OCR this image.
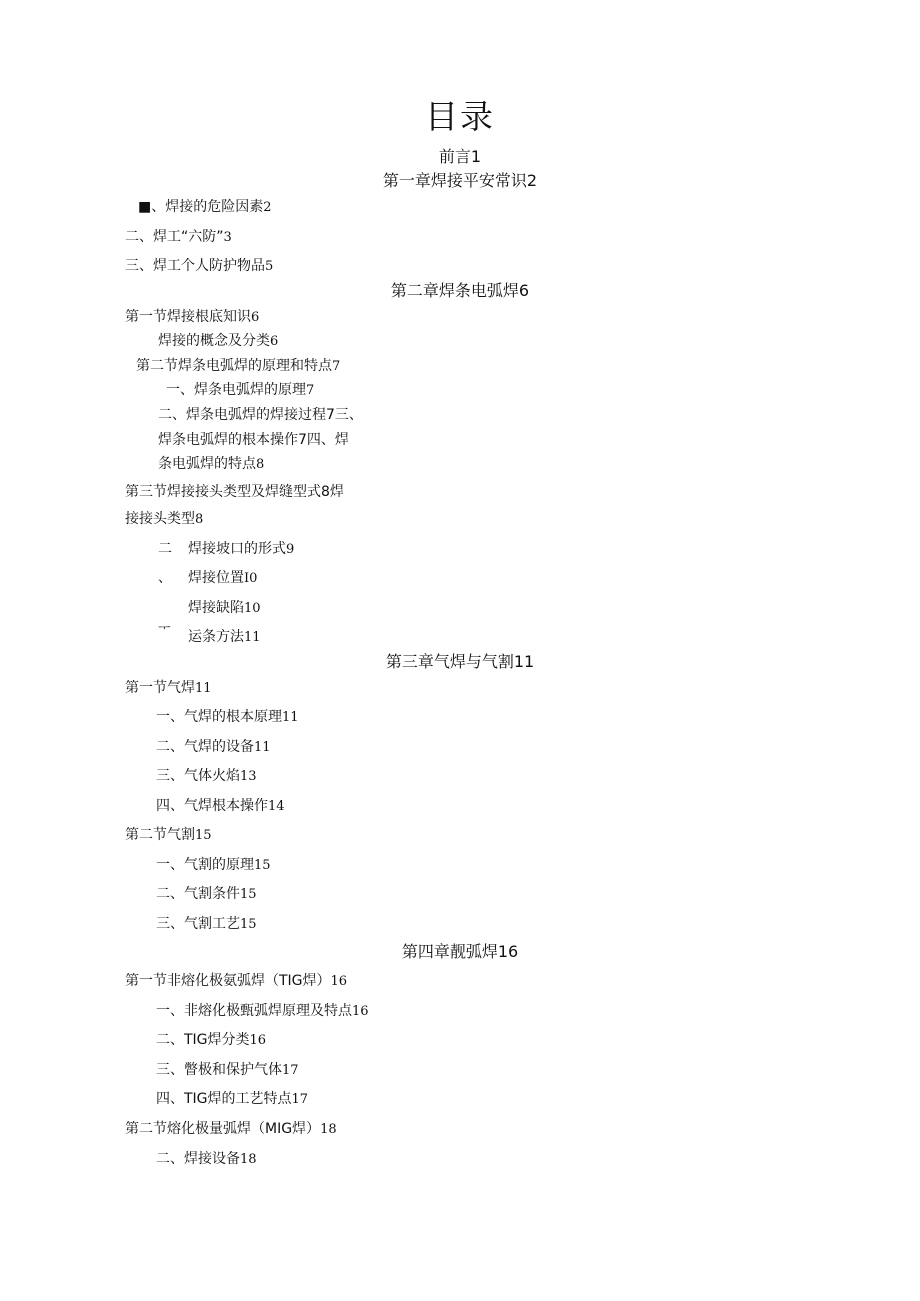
目录
前言1
第一章焊接平安常识2
■、焊接的危险因素2
二、焊工“六防”3
三、焊工个人防护物品5
第二章焊条电弧焊6
第一节焊接根底知识6
焊接的概念及分类6
第二节焊条电弧焊的原理和特点7
一、焊条电弧焊的原理7
二、焊条电弧焊的焊接过程7三、
焊条电弧焊的根本操作7四、焊
条电弧焊的特点8
第三节焊接接头类型及焊缝型式8焊
接接头类型8
二 焊接坡口的形式9
、 焊接位置I0
焊接缺陷10
ᅮ
运条方法11
第三章气焊与气割11
第一节气焊11
一、气焊的根本原理11
二、气焊的设备11
三、气体火焰13
四、气焊根本操作14
第二节气割15
一、气割的原理15
二、气割条件15
三、气割工艺15
第四章靓弧焊16
第一节非熔化极氨弧焊（TIG焊）16
一、非熔化极甄弧焊原理及特点16
二、TIG焊分类16
三、瞥极和保护气体17
四、TIG焊的工艺特点17
第二节熔化极量弧焊（MIG焊）18
二、焊接设备18
